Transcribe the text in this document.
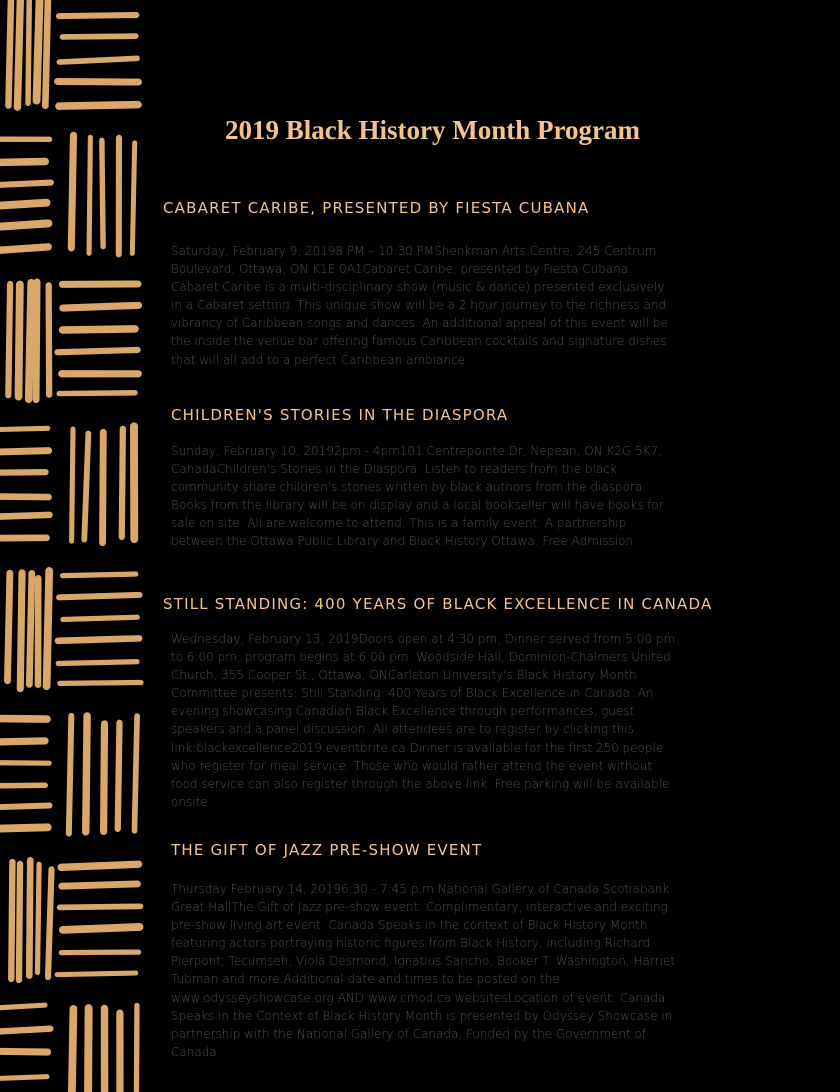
2019 Black History Month Program
CABARET CARIBE, PRESENTED BY FIESTA CUBANA

Saturday, February 9, 20198 PM – 10:30 PMShenkman Arts Centre, 245 Centrum Boulevard, Ottawa, ON K1E 0A1Cabaret Caribe, presented by Fiesta Cubana. Cabaret Caribe is a multi-disciplinary show (music & dance) presented exclusively in a Cabaret setting. This unique show will be a 2 hour journey to the richness and vibrancy of Caribbean songs and dances. An additional appeal of this event will be the inside the venue bar offering famous Caribbean cocktails and signature dishes that will all add to a perfect Caribbean ambiance.

CHILDREN'S STORIES IN THE DIASPORA

Sunday, February 10, 20192pm - 4pm101 Centrepointe Dr, Nepean, ON K2G 5K7, CanadaChildren's Stories in the Diaspora. Listen to readers from the black community share children's stories written by black authors from the diaspora. Books from the library will be on display and a local bookseller will have books for sale on site. All are welcome to attend. This is a family event. A partnership between the Ottawa Public Library and Black History Ottawa. Free Admission.

STILL STANDING: 400 YEARS OF BLACK EXCELLENCE IN CANADA

Wednesday, February 13, 2019Doors open at 4:30 pm; Dinner served from 5:00 pm to 6:00 pm; program begins at 6:00 pm. Woodside Hall, Dominion-Chalmers United Church, 355 Cooper St., Ottawa, ONCarleton University's Black History Month Committee presents: Still Standing: 400 Years of Black Excellence in Canada. An evening showcasing Canadian Black Excellence through performances, guest speakers and a panel discussion. All attendees are to register by clicking this link:blackexcellence2019.eventbrite.ca Dinner is available for the first 250 people who register for meal service. Those who would rather attend the event without food service can also register through the above link. Free parking will be available onsite.

THE GIFT OF JAZZ PRE-SHOW EVENT

Thursday February 14, 20196:30 - 7:45 p.m.National Gallery of Canada Scotiabank Great HallThe Gift of Jazz pre-show event: Complimentary, interactive and exciting pre-show living art event: Canada Speaks in the context of Black History Month featuring actors portraying historic figures from Black History, including Richard Pierpont, Tecumseh, Viola Desmond, Ignatius Sancho, Booker T. Washington, Harriet Tubman and more.Additional date and times to be posted on the www.odysseyshowcase.org AND www.cmod.ca websitesLocation of event: Canada Speaks in the Context of Black History Month is presented by Odyssey Showcase in partnership with the National Gallery of Canada, Funded by the Government of Canada.
